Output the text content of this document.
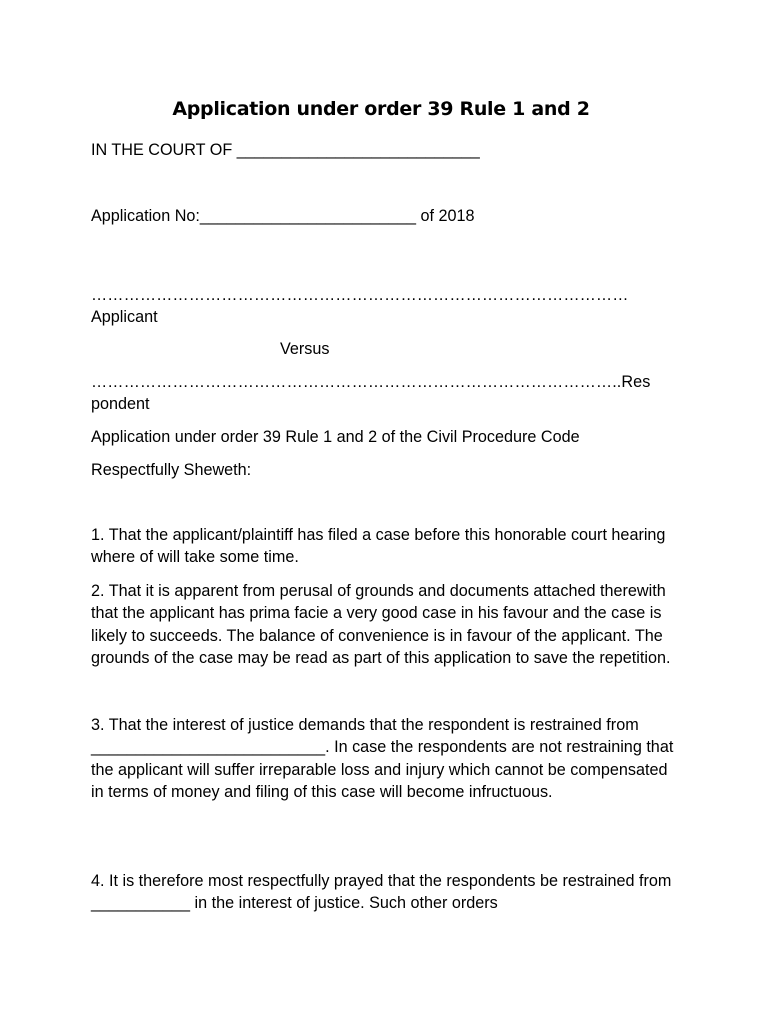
Application under order 39 Rule 1 and 2
IN THE COURT OF ___________________________
Application No:________________________ of 2018
………………………………………………………………………………………
Applicant
Versus
……………………………………………………………………………………..Res
pondent
Application under order 39 Rule 1 and 2 of the Civil Procedure Code
Respectfully Sheweth:
1. That the applicant/plaintiff has filed a case before this honorable court hearing where of will take some time.
2. That it is apparent from perusal of grounds and documents attached therewith that the applicant has prima facie a very good case in his favour and the case is likely to succeeds. The balance of convenience is in favour of the applicant. The grounds of the case may be read as part of this application to save the repetition.
3. That the interest of justice demands that the respondent is restrained from __________________________. In case the respondents are not restraining that the applicant will suffer irreparable loss and injury which cannot be compensated in terms of money and filing of this case will become infructuous.
4. It is therefore most respectfully prayed that the respondents be restrained from ___________ in the interest of justice. Such other orders
